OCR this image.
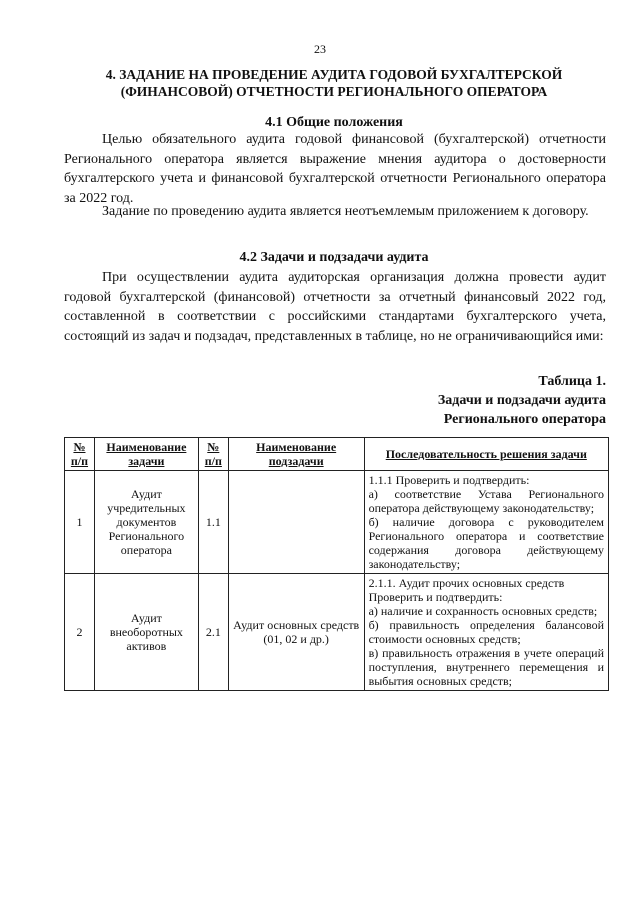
23
4. ЗАДАНИЕ НА ПРОВЕДЕНИЕ АУДИТА ГОДОВОЙ БУХГАЛТЕРСКОЙ
(ФИНАНСОВОЙ) ОТЧЕТНОСТИ РЕГИОНАЛЬНОГО ОПЕРАТОРА
4.1 Общие положения

Целью обязательного аудита годовой финансовой (бухгалтерской) отчетности Регионального оператора является выражение мнения аудитора о достоверности бухгалтерского учета и финансовой бухгалтерской отчетности Регионального оператора за 2022 год.

Задание по проведению аудита является неотъемлемым приложением к договору.

4.2 Задачи и подзадачи аудита

При осуществлении аудита аудиторская организация должна провести аудит годовой бухгалтерской (финансовой) отчетности за отчетный финансовый 2022 год, составленной в соответствии с российскими стандартами бухгалтерского учета, состоящий из задач и подзадач, представленных в таблице, но не ограничивающийся ими:

Таблица 1.
Задачи и подзадачи аудита
Регионального оператора
№ п/п	Наименование задачи	№ п/п	Наименование подзадачи	Последовательность решения задачи
1	Аудит учредительных документов Регионального оператора	1.1		1.1.1 Проверить и подтвердить:
а) соответствие Устава Регионального оператора действующему законодательству;
б) наличие договора с руководителем Регионального оператора и соответствие содержания договора действующему законодательству;

2	Аудит внеоборотных активов	2.1	Аудит основных средств (01, 02 и др.)	2.1.1. Аудит прочих основных средств
Проверить и подтвердить:
а) наличие и сохранность основных средств;
б) правильность определения балансовой стоимости основных средств;
в) правильность отражения в учете операций поступления, внутреннего перемещения и выбытия основных средств;
